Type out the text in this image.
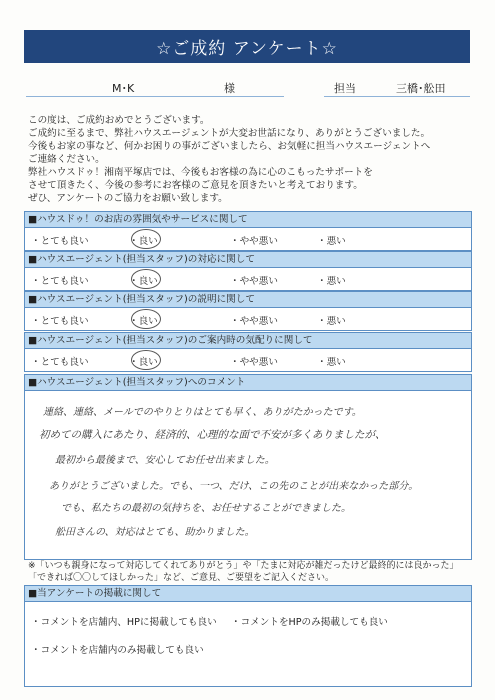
☆ご成約 アンケート☆
M･K	様	担当	三橋･舩田
この度は、ご成約おめでとうございます。
ご成約に至るまで、弊社ハウスエージェントが大変お世話になり、ありがとうございました。
今後もお家の事など、何かお困りの事がございましたら、お気軽に担当ハウスエージェントへ
ご連絡ください。
弊社ハウスドゥ！湘南平塚店では、今後もお客様の為に心のこもったサポートを
させて頂きたく、今後の参考にお客様のご意見を頂きたいと考えております。
ぜひ、アンケートのご協力をお願い致します。
■ハウスドゥ！のお店の雰囲気やサービスに関して
・とても良い	・良い	・やや悪い	・悪い
■ハウスエージェント(担当スタッフ)の対応に関して
・とても良い	・良い	・やや悪い	・悪い
■ハウスエージェント(担当スタッフ)の説明に関して
・とても良い	・良い	・やや悪い	・悪い
■ハウスエージェント(担当スタッフ)のご案内時の気配りに関して
・とても良い	・良い	・やや悪い	・悪い
■ハウスエージェント(担当スタッフ)へのコメント
連絡、連絡、メールでのやりとりはとても早く、ありがたかったです。
初めての購入にあたり、経済的、心理的な面で不安が多くありましたが、
最初から最後まで、安心してお任せ出来ました。
ありがとうございました。でも、一つ、だけ、この先のことが出来なかった部分。
でも、私たちの最初の気持ちを、お任せすることができました。
舩田さんの、対応はとても、助かりました。
※「いつも親身になって対応してくれてありがとう」や「たまに対応が雑だったけど最終的には良かった」
「できれば〇〇してほしかった」など、ご意見、ご要望をご記入ください。
■当アンケートの掲載に関して
・コメントを店舗内、HPに掲載しても良い ・コメントをHPのみ掲載しても良い
・コメントを店舗内のみ掲載しても良い
